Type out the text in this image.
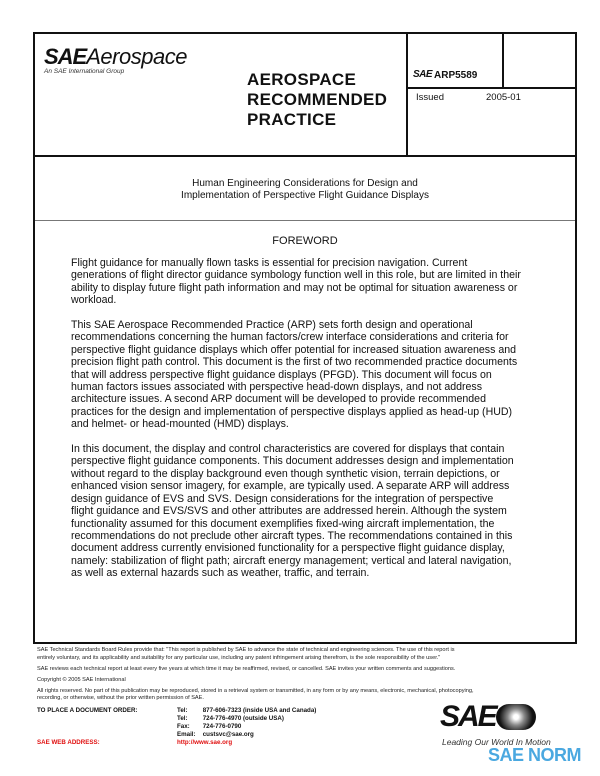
SAEAerospace
An SAE International Group	AEROSPACE
RECOMMENDED
PRACTICE
SAE ARP5589
Issued	2005-01
Human Engineering Considerations for Design and
Implementation of Perspective Flight Guidance Displays
FOREWORD

Flight guidance for manually flown tasks is essential for precision navigation. Current
generations of flight director guidance symbology function well in this role, but are limited in their
ability to display future flight path information and may not be optimal for situation awareness or
workload.

This SAE Aerospace Recommended Practice (ARP) sets forth design and operational
recommendations concerning the human factors/crew interface considerations and criteria for
perspective flight guidance displays which offer potential for increased situation awareness and
precision flight path control. This document is the first of two recommended practice documents
that will address perspective flight guidance displays (PFGD). This document will focus on
human factors issues associated with perspective head-down displays, and not address
architecture issues. A second ARP document will be developed to provide recommended
practices for the design and implementation of perspective displays applied as head-up (HUD)
and helmet- or head-mounted (HMD) displays.

In this document, the display and control characteristics are covered for displays that contain
perspective flight guidance components. This document addresses design and implementation
without regard to the display background even though synthetic vision, terrain depictions, or
enhanced vision sensor imagery, for example, are typically used. A separate ARP will address
design guidance of EVS and SVS. Design considerations for the integration of perspective
flight guidance and EVS/SVS and other attributes are addressed herein. Although the system
functionality assumed for this document exemplifies fixed-wing aircraft implementation, the
recommendations do not preclude other aircraft types. The recommendations contained in this
document address currently envisioned functionality for a perspective flight guidance display,
namely: stabilization of flight path; aircraft energy management; vertical and lateral navigation,
as well as external hazards such as weather, traffic, and terrain.

SAE Technical Standards Board Rules provide that: "This report is published by SAE to advance the state of technical and engineering sciences. The use of this report is
entirely voluntary, and its applicability and suitability for any particular use, including any patent infringement arising therefrom, is the sole responsibility of the user."
SAE reviews each technical report at least every five years at which time it may be reaffirmed, revised, or cancelled. SAE invites your written comments and suggestions.
Copyright © 2005 SAE International
All rights reserved. No part of this publication may be reproduced, stored in a retrieval system or transmitted, in any form or by any means, electronic, mechanical, photocopying,
recording, or otherwise, without the prior written permission of SAE.
TO PLACE A DOCUMENT ORDER:
SAE WEB ADDRESS:
Tel: 877-606-7323 (inside USA and Canada)
Tel: 724-776-4970 (outside USA)
Fax: 724-776-0790
Email: custsvc@sae.org
http://www.sae.org
SAE
Leading Our World In Motion
SAE NORM
